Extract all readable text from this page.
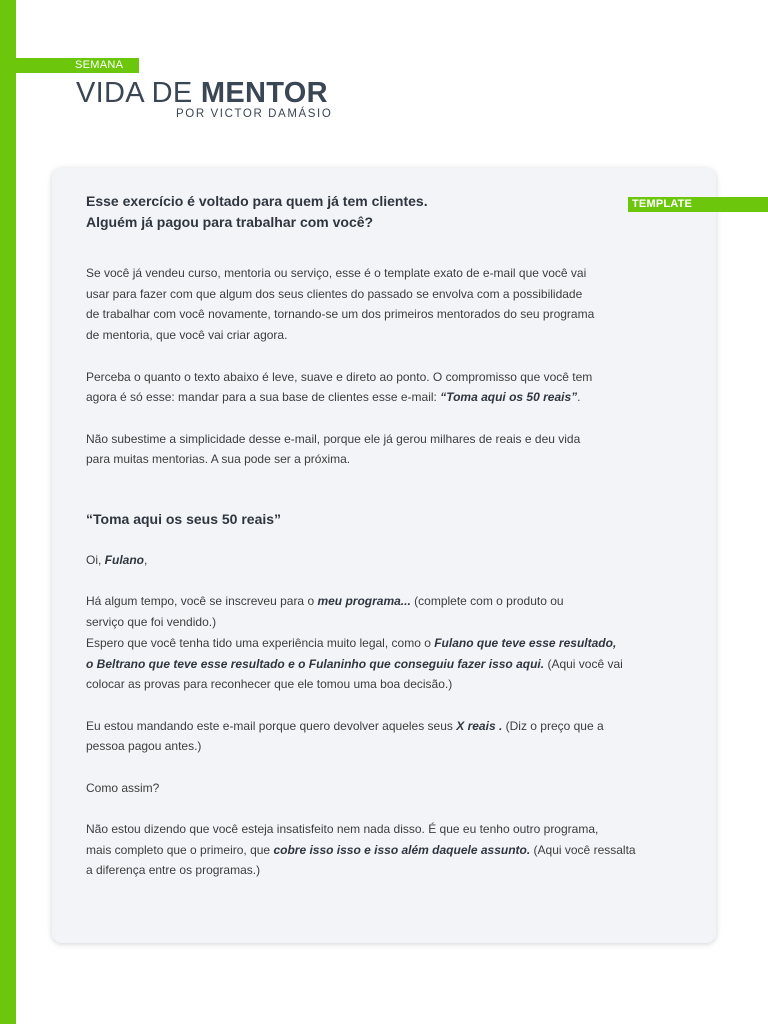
SEMANA
VIDA DE MENTOR
POR VICTOR DAMÁSIO
TEMPLATE
Esse exercício é voltado para quem já tem clientes.
Alguém já pagou para trabalhar com você?

Se você já vendeu curso, mentoria ou serviço, esse é o template exato de e-mail que você vai

usar para fazer com que algum dos seus clientes do passado se envolva com a possibilidade

de trabalhar com você novamente, tornando-se um dos primeiros mentorados do seu programa

de mentoria, que você vai criar agora.

Perceba o quanto o texto abaixo é leve, suave e direto ao ponto. O compromisso que você tem

agora é só esse: mandar para a sua base de clientes esse e-mail: “Toma aqui os 50 reais”.

Não subestime a simplicidade desse e-mail, porque ele já gerou milhares de reais e deu vida

para muitas mentorias. A sua pode ser a próxima.

“Toma aqui os seus 50 reais”

Oi, Fulano,

Há algum tempo, você se inscreveu para o meu programa... (complete com o produto ou

serviço que foi vendido.)

Espero que você tenha tido uma experiência muito legal, como o Fulano que teve esse resultado,

o Beltrano que teve esse resultado e o Fulaninho que conseguiu fazer isso aqui. (Aqui você vai

colocar as provas para reconhecer que ele tomou uma boa decisão.)

Eu estou mandando este e-mail porque quero devolver aqueles seus X reais . (Diz o preço que a

pessoa pagou antes.)

Como assim?

Não estou dizendo que você esteja insatisfeito nem nada disso. É que eu tenho outro programa,

mais completo que o primeiro, que cobre isso isso e isso além daquele assunto. (Aqui você ressalta

a diferença entre os programas.)
